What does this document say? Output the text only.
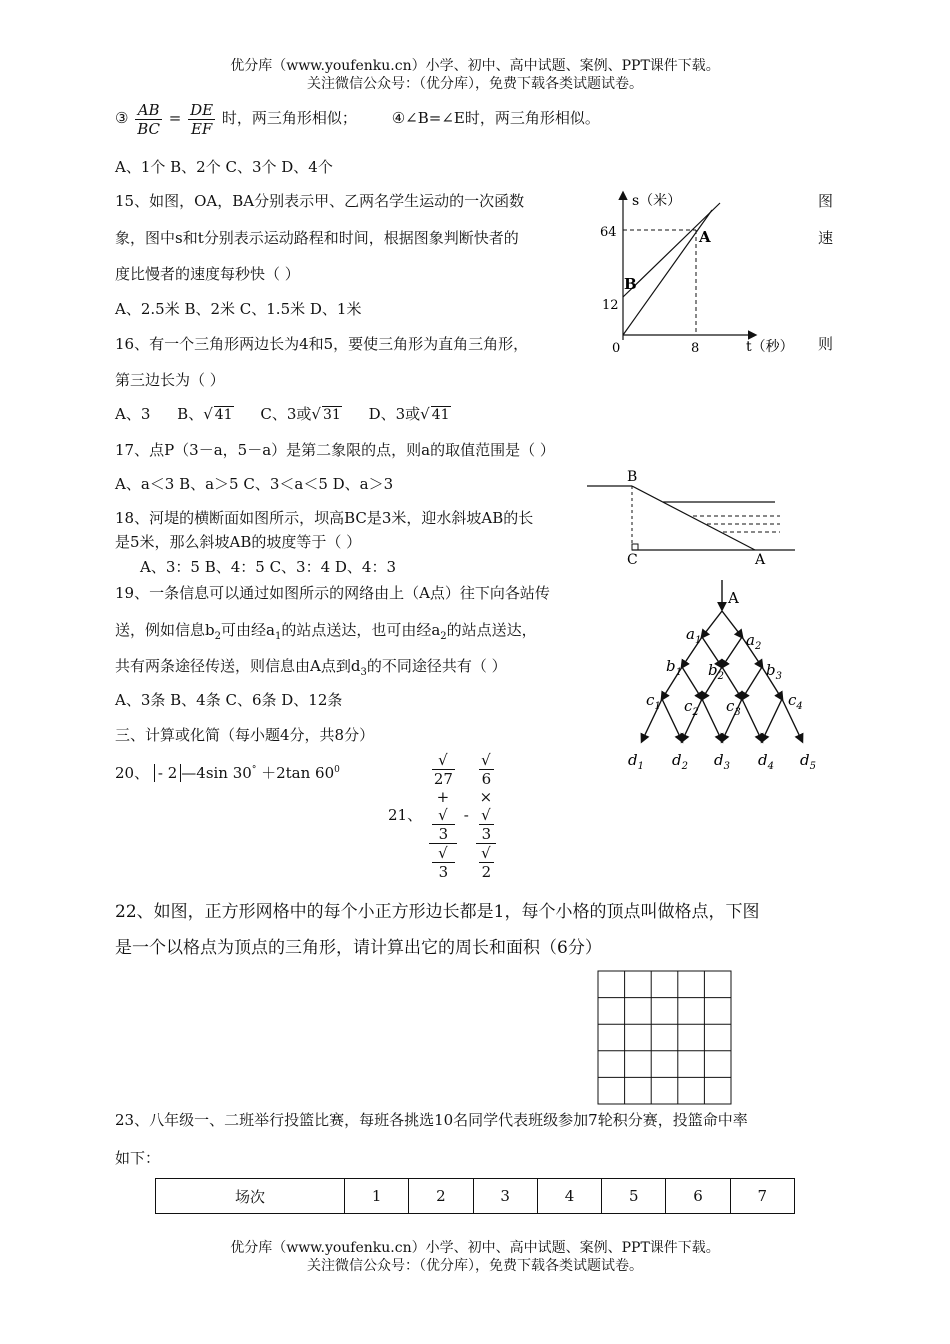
优分库（www.youfenku.cn）小学、初中、高中试题、案例、PPT课件下载。
关注微信公众号：（优分库），免费下载各类试题试卷。
③ $\frac{AB}{BC} = \frac{DE}{EF}$ 时，两三角形相似； ④∠B=∠E时，两三角形相似。
A、1个 B、2个 C、3个 D、4个
15、如图，OA，BA分别表示甲、乙两名学生运动的一次函数	图
象，图中s和t分别表示运动路程和时间，根据图象判断快者的	速
度比慢者的速度每秒快（ ）
A、2.5米 B、2米 C、1.5米 D、1米
s（米）
t（秒）
64
12
8
0
A
B
16、有一个三角形两边长为4和5，要使三角形为直角三角形，	则
第三边长为（ ）
A、3 B、√ 41 C、3或√ 31 D、3或√ 41
17、点P（3－a，5－a）是第二象限的点，则a的取值范围是（ ）
A、a＜3 B、a＞5 C、3＜a＜5 D、a＞3
18、河堤的横断面如图所示，坝高BC是3米，迎水斜坡AB的长
是5米，那么斜坡AB的坡度等于（ ）
A、3：5 B、4：5 C、3：4 D、4：3
B
C	A
19、一条信息可以通过如图所示的网络由上（A点）往下向各站传
送，例如信息$b_2$可由经$a_1$的站点送达，也可由经$a_2$的站点送达，
共有两条途径传送，则信息由A点到$d_3$的不同途径共有（ ）
A、3条 B、4条 C、6条 D、12条
A
$a_1$	$a_2$
$b_1$ $b_2$	$b_3$
$c_1$ $c_2$ $c_3$
$c_4$
$d_1$ $d_2$ $d_3$ $d_4$ $d_5$
三、计算或化简（每小题4分，共8分）
20、 - 2 —4sin 30° ＋2tan $60^0$
21、 √
27
+
√
3
√
3 - √
6
×
√
3
√
2
22、如图，正方形网格中的每个小正方形边长都是1，每个小格的顶点叫做格点，下图
是一个以格点为顶点的三角形，请计算出它的周长和面积（6分）
23、八年级一、二班举行投篮比赛，每班各挑选10名同学代表班级参加7轮积分赛，投篮命中率
如下：
场次	1	2	3	4	5	6	7
优分库（www.youfenku.cn）小学、初中、高中试题、案例、PPT课件下载。
关注微信公众号：（优分库），免费下载各类试题试卷。
